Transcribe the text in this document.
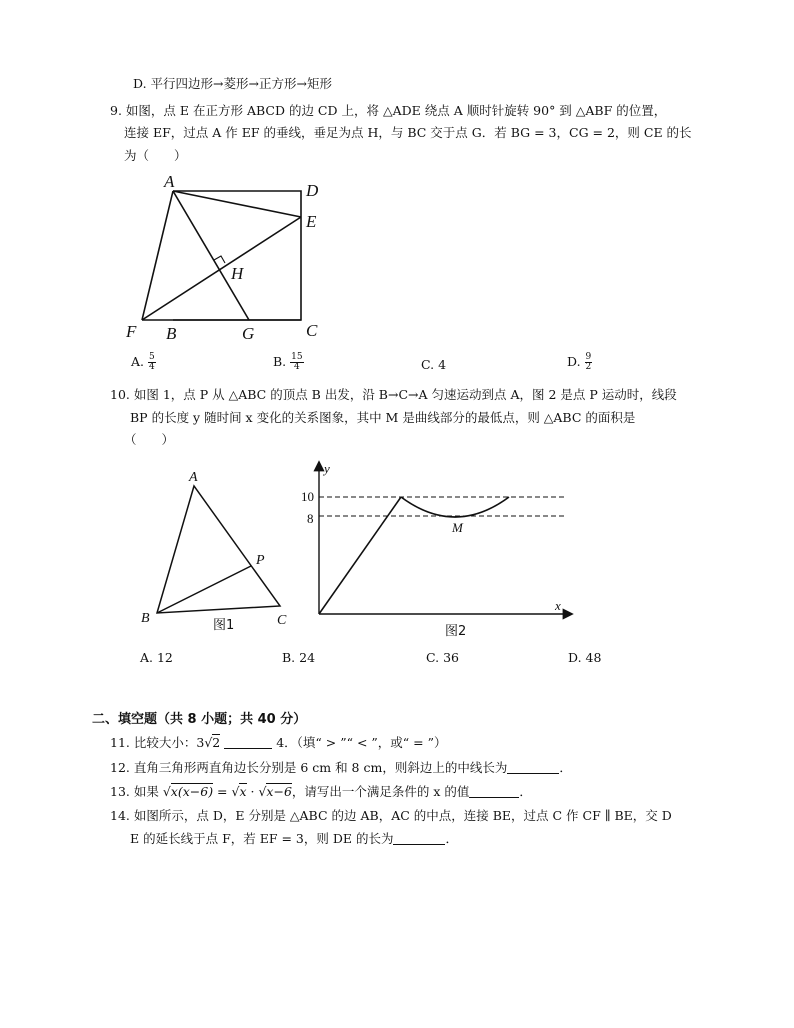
D. 平行四边形→菱形→正方形→矩形
9. 如图，点 E 在正方形 ABCD 的边 CD 上，将 △ADE 绕点 A 顺时针旋转 90° 到 △ABF 的位置，
连接 EF，过点 A 作 EF 的垂线，垂足为点 H，与 BC 交于点 G．若 BG = 3，CG = 2，则 CE 的长
为（　　）
A	D
E
H
F B	G	C
A. $\frac{5}{4}$	B. $\frac{15}{4}$	C. 4	D. $\frac{9}{2}$
10. 如图 1，点 P 从 △ABC 的顶点 B 出发，沿 B→C→A 匀速运动到点 A，图 2 是点 P 运动时，线段
BP 的长度 y 随时间 x 变化的关系图象，其中 M 是曲线部分的最低点，则 △ABC 的面积是
（　　）
A
B	C
P
图1
y
x
10
8
M
图2
A. 12	B. 24	C. 36	D. 48
二、填空题（共 8 小题；共 40 分）
11. 比较大小：3√2	4．（填“ > ”“ < ”，或“ = ”）
12. 直角三角形两直角边长分别是 6 cm 和 8 cm，则斜边上的中线长为	．
13. 如果 √x(x−6) = √x · √x−6，请写出一个满足条件的 x 的值	．
14. 如图所示，点 D，E 分别是 △ABC 的边 AB，AC 的中点，连接 BE，过点 C 作 CF ∥ BE，交 D
E 的延长线于点 F，若 EF = 3，则 DE 的长为	．
